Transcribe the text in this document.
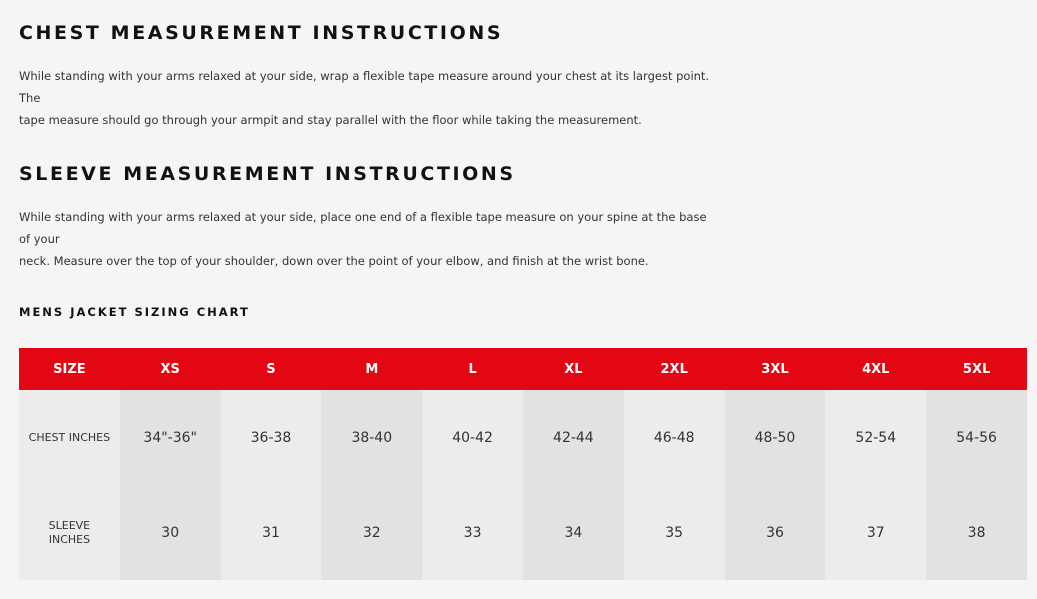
CHEST MEASUREMENT INSTRUCTIONS
While standing with your arms relaxed at your side, wrap a flexible tape measure around your chest at its largest point. The
tape measure should go through your armpit and stay parallel with the floor while taking the measurement.
SLEEVE MEASUREMENT INSTRUCTIONS
While standing with your arms relaxed at your side, place one end of a flexible tape measure on your spine at the base of your
neck. Measure over the top of your shoulder, down over the point of your elbow, and finish at the wrist bone.
MENS JACKET SIZING CHART
SIZE	XS	S	M	L	XL	2XL	3XL	4XL	5XL
CHEST INCHES	34"-36"	36-38	38-40	40-42	42-44	46-48	48-50	52-54	54-56

SLEEVE
INCHES	30	31	32	33	34	35	36	37	38
